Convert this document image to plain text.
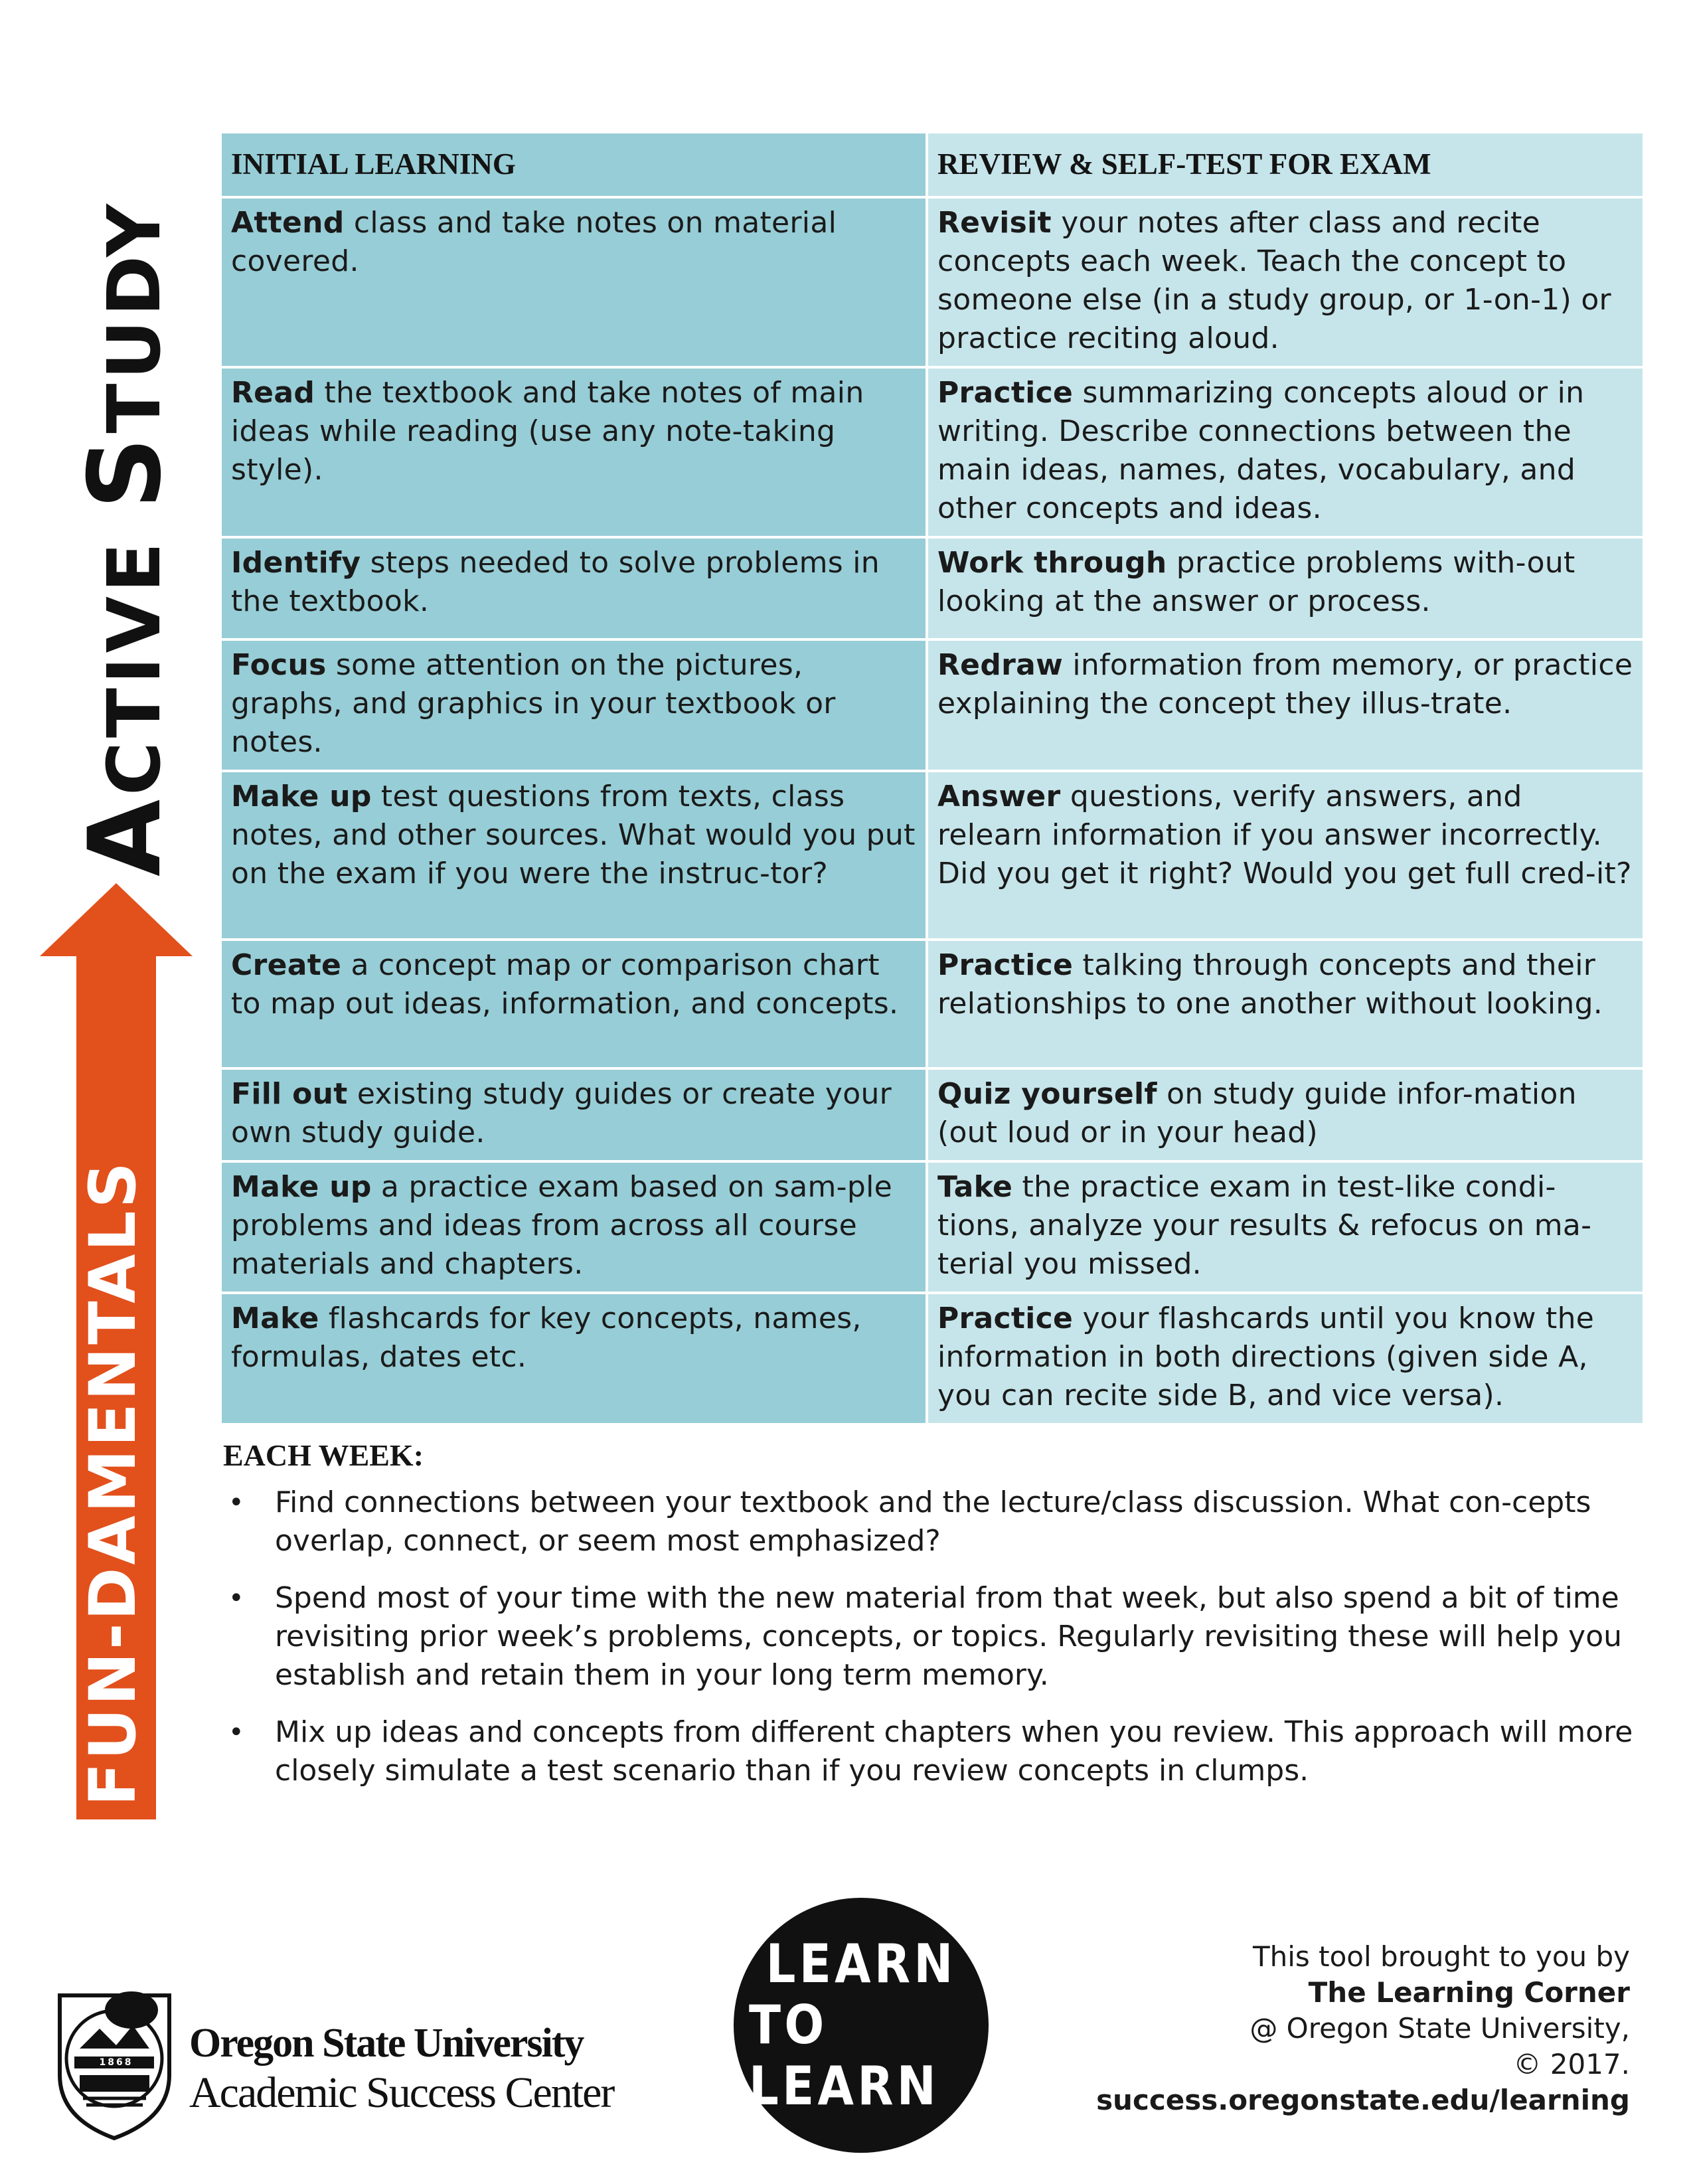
FUN-DAMENTALS
ACTIVE STUDYING INITIAL LEARNING	REVIEW & SELF-TEST FOR EXAM
Attend class and take notes on material covered.	Revisit your notes after class and recite concepts each week. Teach the concept to someone else (in a study group, or 1-on-1) or practice reciting aloud.
Read the textbook and take notes of main ideas while reading (use any note-taking style).	Practice summarizing concepts aloud or in writing. Describe connections between the main ideas, names, dates, vocabulary, and other concepts and ideas.
Identify steps needed to solve problems in the textbook.	Work through practice problems with-out looking at the answer or process.
Focus some attention on the pictures, graphs, and graphics in your textbook or notes.	Redraw information from memory, or practice explaining the concept they illus-trate.
Make up test questions from texts, class notes, and other sources. What would you put on the exam if you were the instruc-tor?	Answer questions, verify answers, and relearn information if you answer incorrectly. Did you get it right? Would you get full cred-it?
Create a concept map or comparison chart to map out ideas, information, and concepts.	Practice talking through concepts and their relationships to one another without looking.
Fill out existing study guides or create your own study guide.	Quiz yourself on study guide infor-mation (out loud or in your head)
Make up a practice exam based on sam-ple problems and ideas from across all course materials and chapters.	Take the practice exam in test-like condi-tions, analyze your results & refocus on ma-terial you missed.
Make flashcards for key concepts, names, formulas, dates etc.	Practice your flashcards until you know the information in both directions (given side A, you can recite side B, and vice versa).
EACH WEEK:
• Find connections between your textbook and the lecture/class discussion. What con-cepts overlap, connect, or seem most emphasized?
• Spend most of your time with the new material from that week, but also spend a bit of time revisiting prior week’s problems, concepts, or topics. Regularly revisiting these will help you establish and retain them in your long term memory.
• Mix up ideas and concepts from different chapters when you review. This approach will more closely simulate a test scenario than if you review concepts in clumps.
1868 Oregon State University
Academic Success Center
LEARN
TO LEARN
This tool brought to you by
The Learning Corner
@ Oregon State University,
© 2017.
success.oregonstate.edu/learning
